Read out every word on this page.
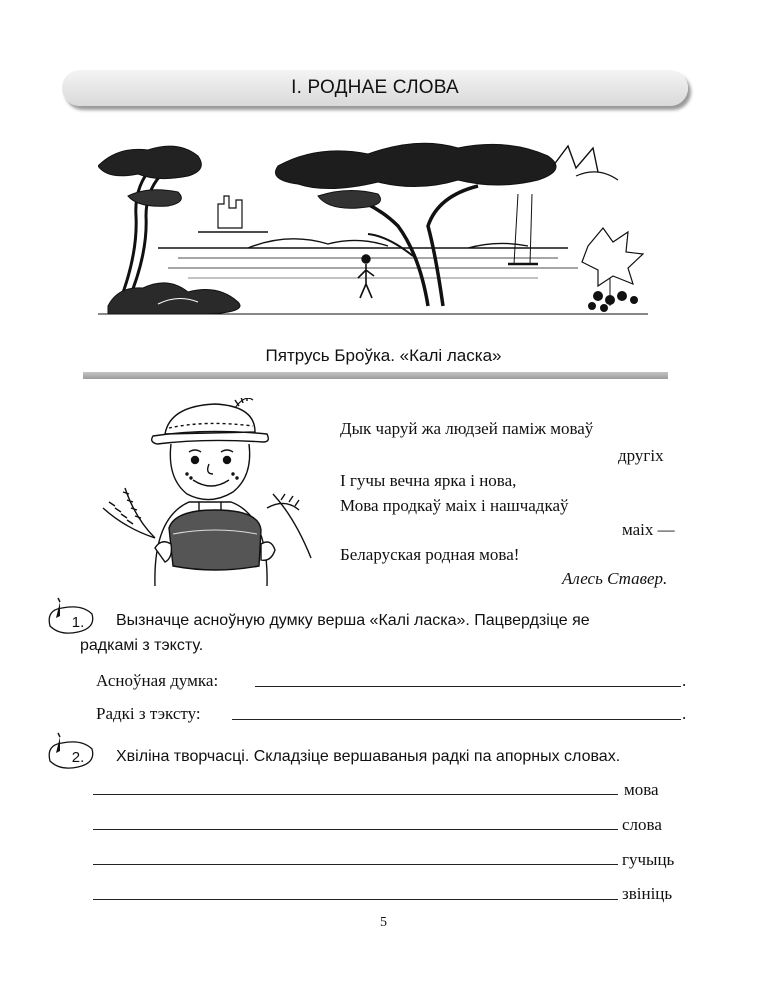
І. РОДНАЕ СЛОВА
Пятрусь Броўка. «Калі ласка»
Дык чаруй жа людзей паміж моваў
другіх
І гучы вечна ярка і нова,
Мова продкаў маіх і нашчадкаў
маіх —
Беларуская родная мова!
Алесь Ставер.
1. Вызначце асноўную думку верша «Калі ласка». Пацвердзіце яе
радкамі з тэксту.
Асноўная думка:	.
Радкі з тэксту:	.
2. Хвіліна творчасці. Складзіце вершаваныя радкі па апорных словах.
мова
слова
гучыць
звініць
5
